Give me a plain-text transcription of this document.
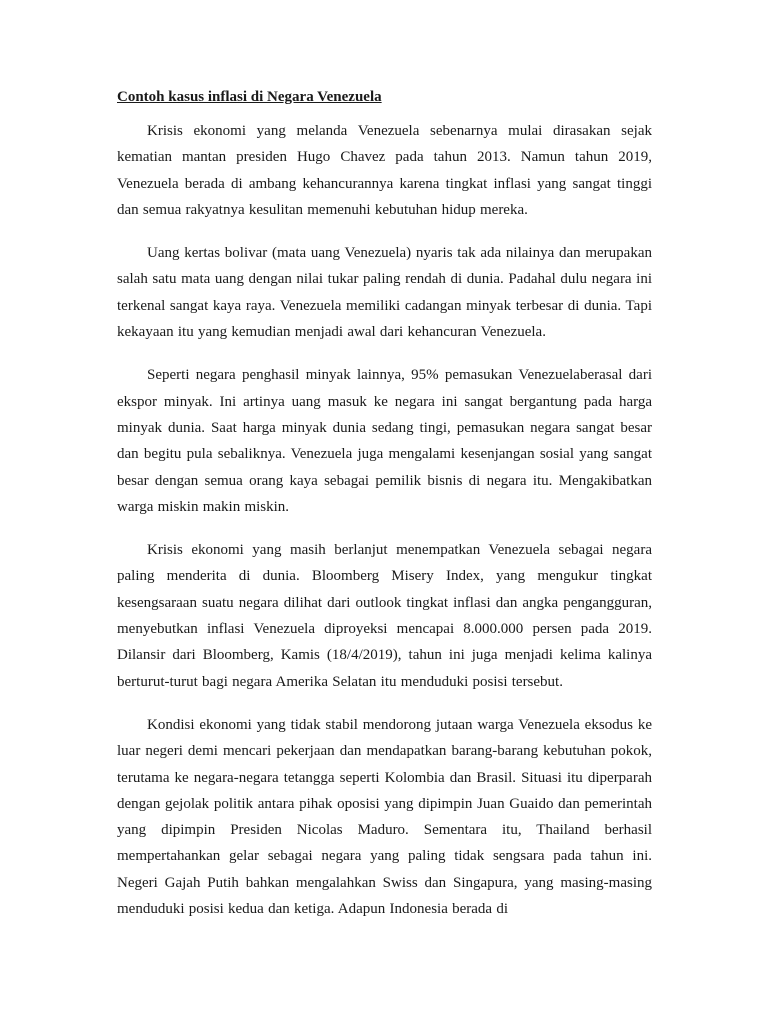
Contoh kasus inflasi di Negara Venezuela

Krisis ekonomi yang melanda Venezuela sebenarnya mulai dirasakan sejak kematian mantan presiden Hugo Chavez pada tahun 2013. Namun tahun 2019, Venezuela berada di ambang kehancurannya karena tingkat inflasi yang sangat tinggi dan semua rakyatnya kesulitan memenuhi kebutuhan hidup mereka.

Uang kertas bolivar (mata uang Venezuela) nyaris tak ada nilainya dan merupakan salah satu mata uang dengan nilai tukar paling rendah di dunia. Padahal dulu negara ini terkenal sangat kaya raya. Venezuela memiliki cadangan minyak terbesar di dunia. Tapi kekayaan itu yang kemudian menjadi awal dari kehancuran Venezuela.

Seperti negara penghasil minyak lainnya, 95% pemasukan Venezuelaberasal dari ekspor minyak. Ini artinya uang masuk ke negara ini sangat bergantung pada harga minyak dunia. Saat harga minyak dunia sedang tingi, pemasukan negara sangat besar dan begitu pula sebaliknya. Venezuela juga mengalami kesenjangan sosial yang sangat besar dengan semua orang kaya sebagai pemilik bisnis di negara itu. Mengakibatkan warga miskin makin miskin.

Krisis ekonomi yang masih berlanjut menempatkan Venezuela sebagai negara paling menderita di dunia. Bloomberg Misery Index, yang mengukur tingkat kesengsaraan suatu negara dilihat dari outlook tingkat inflasi dan angka pengangguran, menyebutkan inflasi Venezuela diproyeksi mencapai 8.000.000 persen pada 2019. Dilansir dari Bloomberg, Kamis (18/4/2019), tahun ini juga menjadi kelima kalinya berturut-turut bagi negara Amerika Selatan itu menduduki posisi tersebut.

Kondisi ekonomi yang tidak stabil mendorong jutaan warga Venezuela eksodus ke luar negeri demi mencari pekerjaan dan mendapatkan barang-barang kebutuhan pokok, terutama ke negara-negara tetangga seperti Kolombia dan Brasil. Situasi itu diperparah dengan gejolak politik antara pihak oposisi yang dipimpin Juan Guaido dan pemerintah yang dipimpin Presiden Nicolas Maduro. Sementara itu, Thailand berhasil mempertahankan gelar sebagai negara yang paling tidak sengsara pada tahun ini. Negeri Gajah Putih bahkan mengalahkan Swiss dan Singapura, yang masing-masing menduduki posisi kedua dan ketiga. Adapun Indonesia berada di
